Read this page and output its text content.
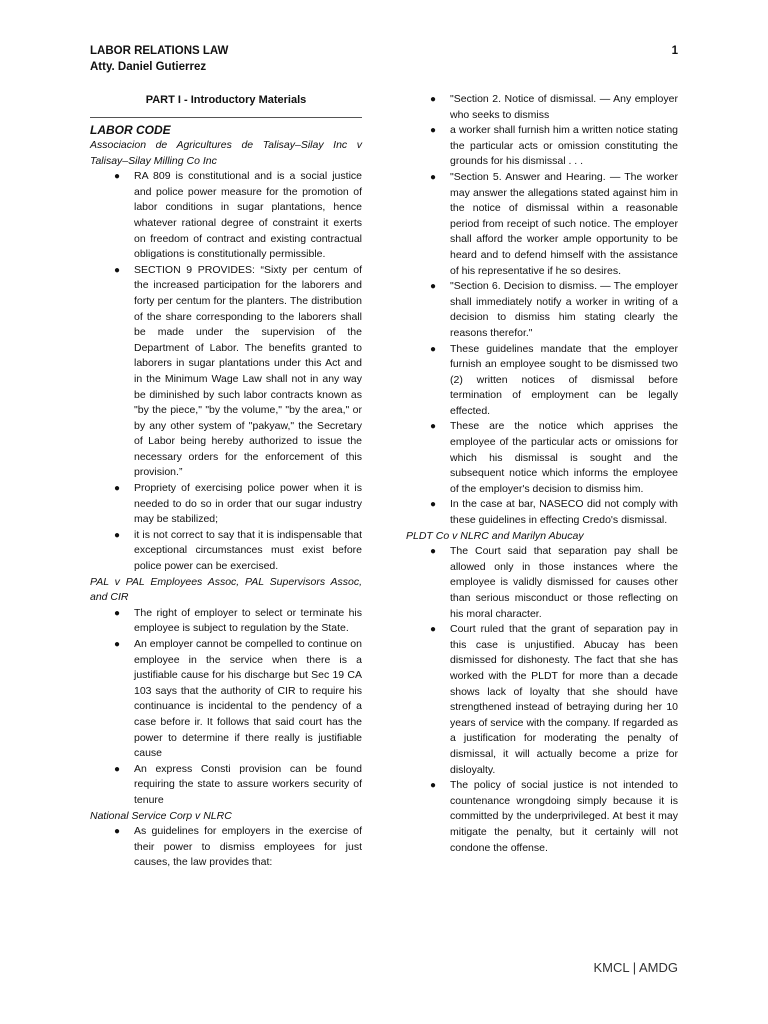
LABOR RELATIONS LAW
Atty. Daniel Gutierrez
1
PART I - Introductory Materials
LABOR CODE
Associacion de Agricultures de Talisay–Silay Inc v Talisay–Silay Milling Co Inc
● RA 809 is constitutional and is a social justice and police power measure for the promotion of labor conditions in sugar plantations, hence whatever rational degree of constraint it exerts on freedom of contract and existing contractual obligations is constitutionally permissible.
● SECTION 9 PROVIDES: “Sixty per centum of the increased participation for the laborers and forty per centum for the planters. The distribution of the share corresponding to the laborers shall be made under the supervision of the Department of Labor. The benefits granted to laborers in sugar plantations under this Act and in the Minimum Wage Law shall not in any way be diminished by such labor contracts known as "by the piece," "by the volume," "by the area," or by any other system of "pakyaw," the Secretary of Labor being hereby authorized to issue the necessary orders for the enforcement of this provision.”
● Propriety of exercising police power when it is needed to do so in order that our sugar industry may be stabilized;
● it is not correct to say that it is indispensable that exceptional circumstances must exist before police power can be exercised.
PAL v PAL Employees Assoc, PAL Supervisors Assoc, and CIR
● The right of employer to select or terminate his employee is subject to regulation by the State.
● An employer cannot be compelled to continue on employee in the service when there is a justifiable cause for his discharge but Sec 19 CA 103 says that the authority of CIR to require his continuance is incidental to the pendency of a case before ir. It follows that said court has the power to determine if there really is justifiable cause
● An express Consti provision can be found requiring the state to assure workers security of tenure
National Service Corp v NLRC
● As guidelines for employers in the exercise of their power to dismiss employees for just causes, the law provides that:
● "Section 2. Notice of dismissal. — Any employer who seeks to dismiss
● a worker shall furnish him a written notice stating the particular acts or omission constituting the grounds for his dismissal . . .
● "Section 5. Answer and Hearing. — The worker may answer the allegations stated against him in the notice of dismissal within a reasonable period from receipt of such notice. The employer shall afford the worker ample opportunity to be heard and to defend himself with the assistance of his representative if he so desires.
● "Section 6. Decision to dismiss. — The employer shall immediately notify a worker in writing of a decision to dismiss him stating clearly the reasons therefor."
● These guidelines mandate that the employer furnish an employee sought to be dismissed two (2) written notices of dismissal before termination of employment can be legally effected.
● These are the notice which apprises the employee of the particular acts or omissions for which his dismissal is sought and the subsequent notice which informs the employee of the employer's decision to dismiss him.
● In the case at bar, NASECO did not comply with these guidelines in effecting Credo's dismissal.
PLDT Co v NLRC and Marilyn Abucay
● The Court said that separation pay shall be allowed only in those instances where the employee is validly dismissed for causes other than serious misconduct or those reflecting on his moral character.
● Court ruled that the grant of separation pay in this case is unjustified. Abucay has been dismissed for dishonesty. The fact that she has worked with the PLDT for more than a decade shows lack of loyalty that she should have strengthened instead of betraying during her 10 years of service with the company. If regarded as a justification for moderating the penalty of dismissal, it will actually become a prize for disloyalty.
● The policy of social justice is not intended to countenance wrongdoing simply because it is committed by the underprivileged. At best it may mitigate the penalty, but it certainly will not condone the offense.
KMCL | AMDG
